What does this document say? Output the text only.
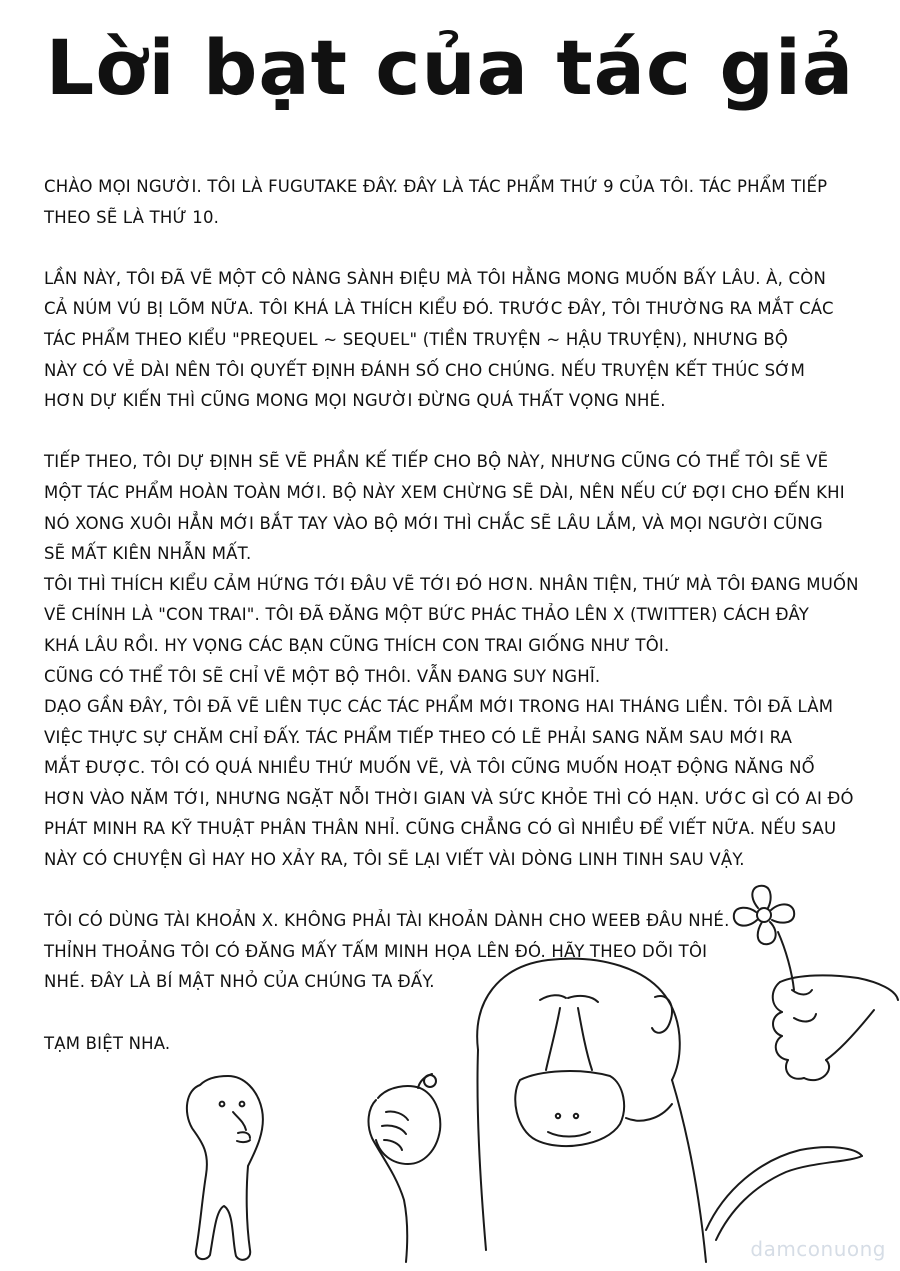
Lời bạt của tác giả
CHÀO MỌI NGƯỜI. TÔI LÀ FUGUTAKE ĐÂY. ĐÂY LÀ TÁC PHẨM THỨ 9 CỦA TÔI. TÁC PHẨM TIẾP
THEO SẼ LÀ THỨ 10.
LẦN NÀY, TÔI ĐÃ VẼ MỘT CÔ NÀNG SÀNH ĐIỆU MÀ TÔI HẰNG MONG MUỐN BẤY LÂU. À, CÒN
CẢ NÚM VÚ BỊ LÕM NỮA. TÔI KHÁ LÀ THÍCH KIỂU ĐÓ. TRƯỚC ĐÂY, TÔI THƯỜNG RA MẮT CÁC
TÁC PHẨM THEO KIỂU "PREQUEL ~ SEQUEL" (TIỀN TRUYỆN ~ HẬU TRUYỆN), NHƯNG BỘ
NÀY CÓ VẺ DÀI NÊN TÔI QUYẾT ĐỊNH ĐÁNH SỐ CHO CHÚNG. NẾU TRUYỆN KẾT THÚC SỚM
HƠN DỰ KIẾN THÌ CŨNG MONG MỌI NGƯỜI ĐỪNG QUÁ THẤT VỌNG NHÉ.
TIẾP THEO, TÔI DỰ ĐỊNH SẼ VẼ PHẦN KẾ TIẾP CHO BỘ NÀY, NHƯNG CŨNG CÓ THỂ TÔI SẼ VẼ
MỘT TÁC PHẨM HOÀN TOÀN MỚI. BỘ NÀY XEM CHỪNG SẼ DÀI, NÊN NẾU CỨ ĐỢI CHO ĐẾN KHI
NÓ XONG XUÔI HẲN MỚI BẮT TAY VÀO BỘ MỚI THÌ CHẮC SẼ LÂU LẮM, VÀ MỌI NGƯỜI CŨNG
SẼ MẤT KIÊN NHẪN MẤT.
TÔI THÌ THÍCH KIỂU CẢM HỨNG TỚI ĐÂU VẼ TỚI ĐÓ HƠN. NHÂN TIỆN, THỨ MÀ TÔI ĐANG MUỐN
VẼ CHÍNH LÀ "CON TRAI". TÔI ĐÃ ĐĂNG MỘT BỨC PHÁC THẢO LÊN X (TWITTER) CÁCH ĐÂY
KHÁ LÂU RỒI. HY VỌNG CÁC BẠN CŨNG THÍCH CON TRAI GIỐNG NHƯ TÔI.
CŨNG CÓ THỂ TÔI SẼ CHỈ VẼ MỘT BỘ THÔI. VẪN ĐANG SUY NGHĨ.
DẠO GẦN ĐÂY, TÔI ĐÃ VẼ LIÊN TỤC CÁC TÁC PHẨM MỚI TRONG HAI THÁNG LIỀN. TÔI ĐÃ LÀM
VIỆC THỰC SỰ CHĂM CHỈ ĐẤY. TÁC PHẨM TIẾP THEO CÓ LẼ PHẢI SANG NĂM SAU MỚI RA
MẮT ĐƯỢC. TÔI CÓ QUÁ NHIỀU THỨ MUỐN VẼ, VÀ TÔI CŨNG MUỐN HOẠT ĐỘNG NĂNG NỔ
HƠN VÀO NĂM TỚI, NHƯNG NGẶT NỖI THỜI GIAN VÀ SỨC KHỎE THÌ CÓ HẠN. ƯỚC GÌ CÓ AI ĐÓ
PHÁT MINH RA KỸ THUẬT PHÂN THÂN NHỈ. CŨNG CHẲNG CÓ GÌ NHIỀU ĐỂ VIẾT NỮA. NẾU SAU
NÀY CÓ CHUYỆN GÌ HAY HO XẢY RA, TÔI SẼ LẠI VIẾT VÀI DÒNG LINH TINH SAU VẬY.
TÔI CÓ DÙNG TÀI KHOẢN X. KHÔNG PHẢI TÀI KHOẢN DÀNH CHO WEEB ĐÂU NHÉ.
THỈNH THOẢNG TÔI CÓ ĐĂNG MẤY TẤM MINH HỌA LÊN ĐÓ. HÃY THEO DÕI TÔI
NHÉ. ĐÂY LÀ BÍ MẬT NHỎ CỦA CHÚNG TA ĐẤY.
TẠM BIỆT NHA.
damconuong
